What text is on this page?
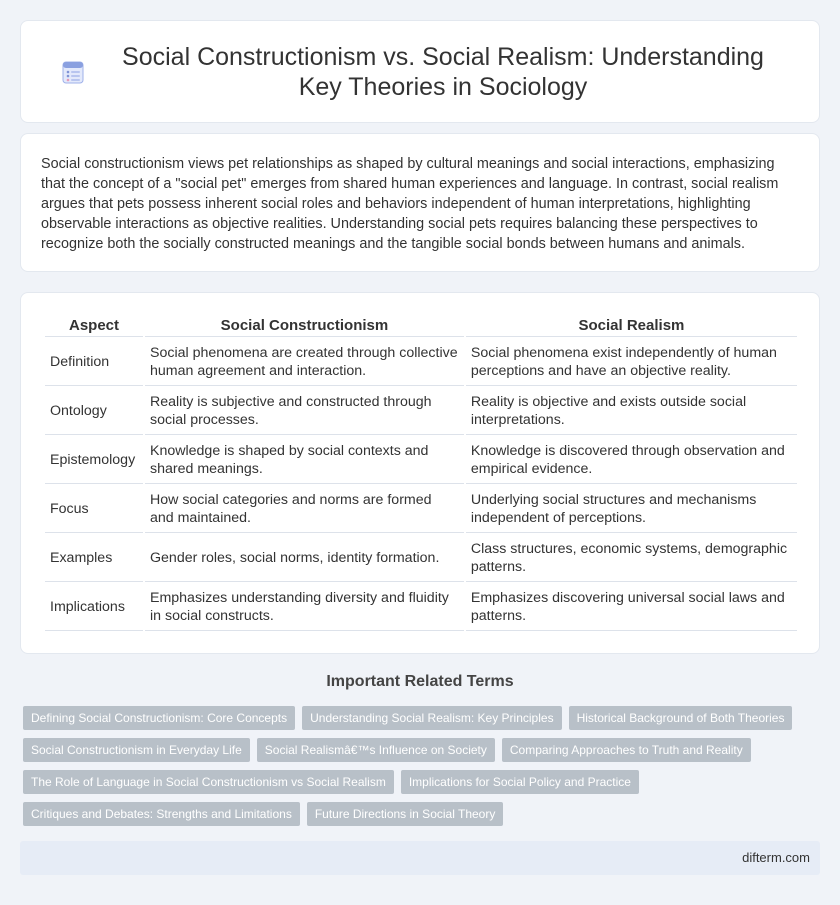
Social Constructionism vs. Social Realism: Understanding Key Theories in Sociology

Social constructionism views pet relationships as shaped by cultural meanings and social interactions, emphasizing that the concept of a "social pet" emerges from shared human experiences and language. In contrast, social realism argues that pets possess inherent social roles and behaviors independent of human interpretations, highlighting observable interactions as objective realities. Understanding social pets requires balancing these perspectives to recognize both the socially constructed meanings and the tangible social bonds between humans and animals.

Aspect	Social Constructionism	Social Realism
Definition	Social phenomena are created through collective human agreement and interaction.	Social phenomena exist independently of human perceptions and have an objective reality.
Ontology	Reality is subjective and constructed through social processes.	Reality is objective and exists outside social interpretations.
Epistemology	Knowledge is shaped by social contexts and shared meanings.	Knowledge is discovered through observation and empirical evidence.
Focus	How social categories and norms are formed and maintained.	Underlying social structures and mechanisms independent of perceptions.
Examples	Gender roles, social norms, identity formation.	Class structures, economic systems, demographic patterns.
Implications	Emphasizes understanding diversity and fluidity in social constructs.	Emphasizes discovering universal social laws and patterns.
Important Related Terms
Defining Social Constructionism: Core Concepts	Understanding Social Realism: Key Principles	Historical Background of Both Theories
Social Constructionism in Everyday Life	Social Realismâ€™s Influence on Society	Comparing Approaches to Truth and Reality
The Role of Language in Social Constructionism vs Social Realism	Implications for Social Policy and Practice
Critiques and Debates: Strengths and Limitations	Future Directions in Social Theory
difterm.com
